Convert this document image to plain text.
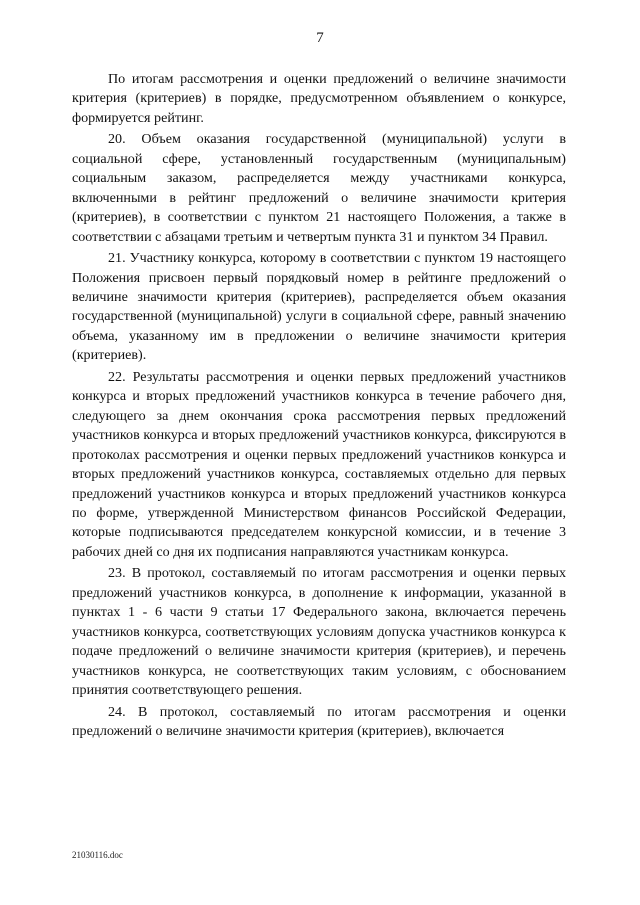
7

По итогам рассмотрения и оценки предложений о величине значимости критерия (критериев) в порядке, предусмотренном объявлением о конкурсе, формируется рейтинг.

20. Объем оказания государственной (муниципальной) услуги в социальной сфере, установленный государственным (муниципальным) социальным заказом, распределяется между участниками конкурса, включенными в рейтинг предложений о величине значимости критерия (критериев), в соответствии с пунктом 21 настоящего Положения, а также в соответствии с абзацами третьим и четвертым пункта 31 и пунктом 34 Правил.

21. Участнику конкурса, которому в соответствии с пунктом 19 настоящего Положения присвоен первый порядковый номер в рейтинге предложений о величине значимости критерия (критериев), распределяется объем оказания государственной (муниципальной) услуги в социальной сфере, равный значению объема, указанному им в предложении о величине значимости критерия (критериев).

22. Результаты рассмотрения и оценки первых предложений участников конкурса и вторых предложений участников конкурса в течение рабочего дня, следующего за днем окончания срока рассмотрения первых предложений участников конкурса и вторых предложений участников конкурса, фиксируются в протоколах рассмотрения и оценки первых предложений участников конкурса и вторых предложений участников конкурса, составляемых отдельно для первых предложений участников конкурса и вторых предложений участников конкурса по форме, утвержденной Министерством финансов Российской Федерации, которые подписываются председателем конкурсной комиссии, и в течение 3 рабочих дней со дня их подписания направляются участникам конкурса.

23. В протокол, составляемый по итогам рассмотрения и оценки первых предложений участников конкурса, в дополнение к информации, указанной в пунктах 1 - 6 части 9 статьи 17 Федерального закона, включается перечень участников конкурса, соответствующих условиям допуска участников конкурса к подаче предложений о величине значимости критерия (критериев), и перечень участников конкурса, не соответствующих таким условиям, с обоснованием принятия соответствующего решения.

24. В протокол, составляемый по итогам рассмотрения и оценки предложений о величине значимости критерия (критериев), включается

21030116.doc
